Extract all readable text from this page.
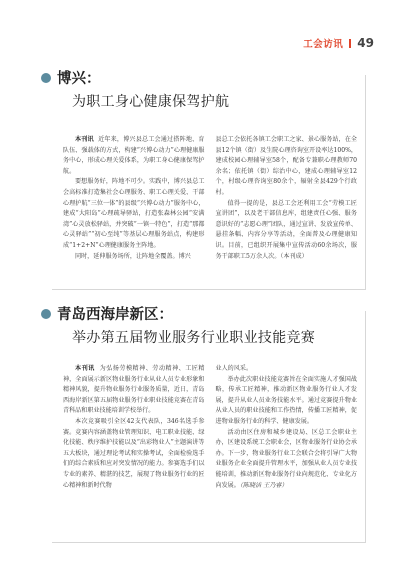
工会访讯 49
博兴：
为职工身心健康保驾护航

本刊讯 近年来，博兴县总工会通过搭阵地、育队伍、强载体的方式，构建“兴博心动力”心理健康服务中心，形成心理关爱体系，为职工身心健康保驾护航。

要想服务好，阵地不可少。实践中，博兴县总工会高标准打造集社会心理服务、职工心理关爱、干部心理护航“三位一体”的县级“兴博心动力”服务中心，建成“大阳岛”心理疏导驿站，打造张森林公园“安满湾”心灵放松驿站，并突破“一镇一特色”，打造“那都心灵驿站”“初心至纯”等基层心理服务站点，构建形成“1+2+N”心理健康服务主阵地。

同时，延伸服务场所，让阵地全覆盖。博兴

县总工会依托各镇工会职工之家、景心服务站，在全县12个镇（街）及生院心理咨询室开设率达100%，建成校园心理辅导室58个，配备专兼职心理教师70余名；依托镇（街）综治中心，建成心理辅导室12个，村级心理咨询室80余个，辐射全县429个行政村。

值得一提的是，县总工会还利用工会“劳模工匠宣讲团”，以及老干部信息库，组建责任心强、服务意识好的“志愿心理”团队，通过宣讲、发放宣传单、悬挂条幅、内容分享等活动，全面普及心理健康知识。目前，已组织开展集中宣传活动60余场次，服务干部职工5万余人次。（本刊成）

青岛西海岸新区：
举办第五届物业服务行业职业技能竞赛

本刊讯 为弘扬劳模精神、劳动精神、工匠精神，全面展示新区物业服务行业从业人员专业形象和精神风貌，提升物业服务行业服务质量，近日，青岛西海岸新区第五届物业服务行业职业技能竞赛在青岛青科品和职业技能培训学校举行。

本次竞赛吸引全区42支代表队，346名选手参赛。竞赛内容涵盖物业管理知识、电工职业技能、绿化技能、秩序维护技能以及“出彩物业人”主题演讲等五大板块，通过理论考试和实操考试，全面检验选手们的综合素质和应对突发情况的能力。参赛选手们以专业的素养、精湛的技艺，展现了物业服务行业的匠心精神和新时代物

业人的风采。

举办此次职业技能竞赛旨在全面实施人才强国战略，传承工匠精神，推动新区物业服务行业人才发展，提升从业人员业务技能水平。通过竞赛提升物业从业人员的职业技能和工作热情，传播工匠精神，促进物业服务行业的科学、健康发展。

活动由区住房和城乡建设局、区总工会职业主办，区建设系统工会职业会，区物业服务行业协会承办。下一步，物业服务行业工会联合会将引导广大物业服务企业全面提升管理水平，加强从业人员专业技能培训，推动新区物业服务行业向规范化、专业化方向发展。（陈晓洁 王乃睿）
